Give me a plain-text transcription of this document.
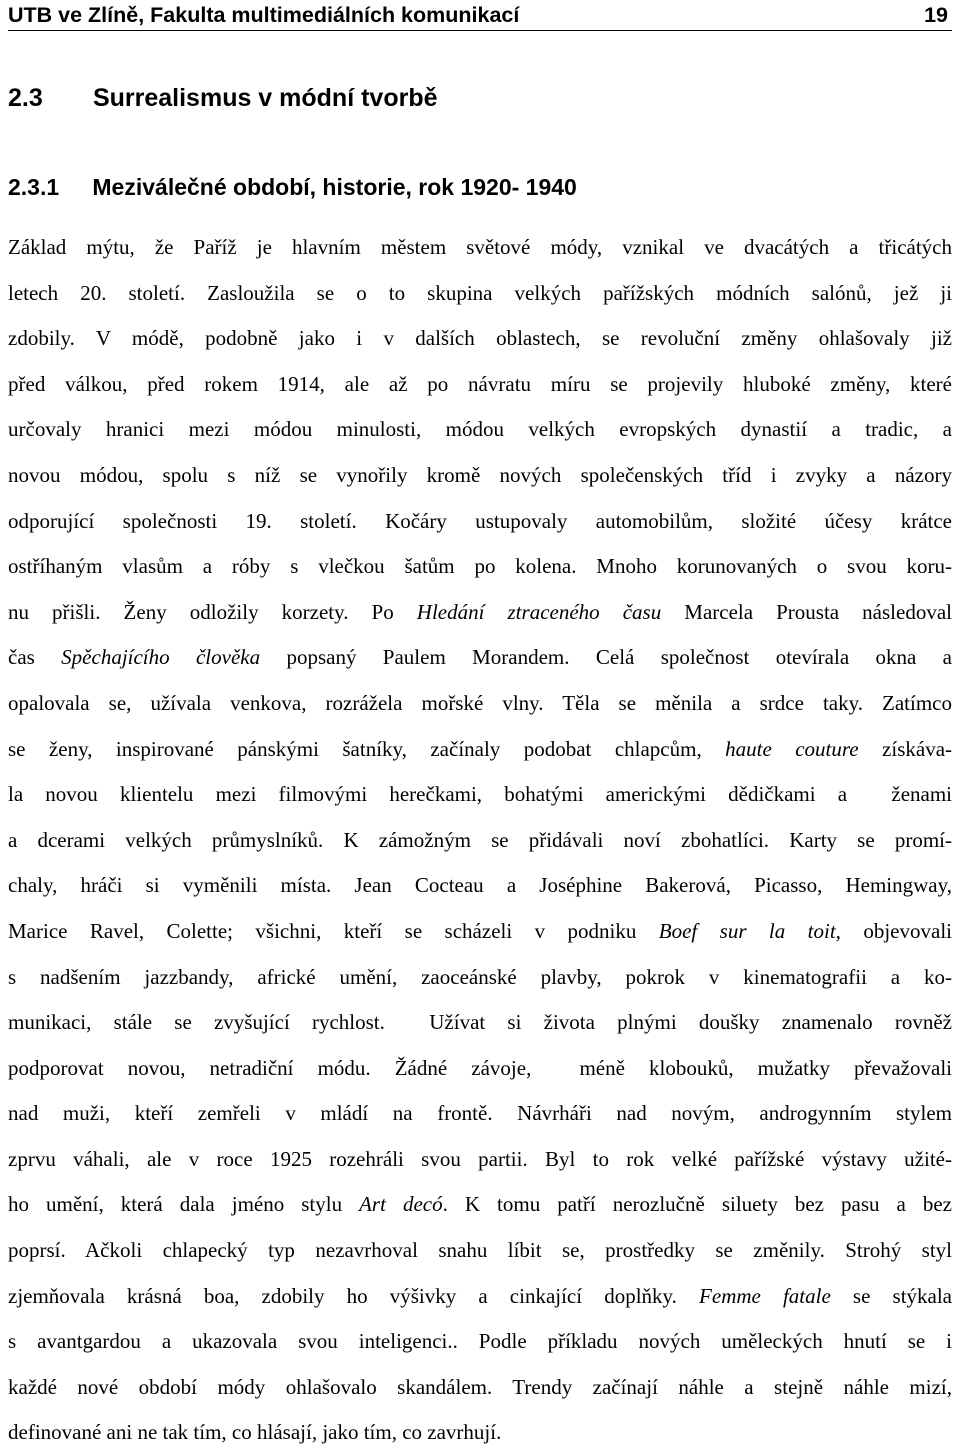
UTB ve Zlíně, Fakulta multimediálních komunikací	19
2.3 Surrealismus v módní tvorbě
2.3.1 Meziválečné období, historie, rok 1920- 1940
Základ mýtu, že Paříž je hlavním městem světové módy, vznikal ve dvacátých a třicátých
letech 20. století. Zasloužila se o to skupina velkých pařížských módních salónů, jež ji
zdobily. V módě, podobně jako i v dalších oblastech, se revoluční změny ohlašovaly již
před válkou, před rokem 1914, ale až po návratu míru se projevily hluboké změny, které
určovaly hranici mezi módou minulosti, módou velkých evropských dynastií a tradic, a
novou módou, spolu s níž se vynořily kromě nových společenských tříd i zvyky a názory
odporující společnosti 19. století. Kočáry ustupovaly automobilům, složité účesy krátce
ostříhaným vlasům a róby s vlečkou šatům po kolena. Mnoho korunovaných o svou koru-
nu přišli. Ženy odložily korzety. Po Hledání ztraceného času Marcela Prousta následoval
čas Spěchajícího člověka popsaný Paulem Morandem. Celá společnost otevírala okna a
opalovala se, užívala venkova, rozrážela mořské vlny. Těla se měnila a srdce taky. Zatímco
se ženy, inspirované pánskými šatníky, začínaly podobat chlapcům, haute couture získáva-
la novou klientelu mezi filmovými herečkami, bohatými americkými dědičkami a  ženami
a dcerami velkých průmyslníků. K zámožným se přidávali noví zbohatlíci. Karty se promí-
chaly, hráči si vyměnili místa. Jean Cocteau a Joséphine Bakerová, Picasso, Hemingway,
Marice Ravel, Colette; všichni, kteří se scházeli v podniku Boef sur la toit, objevovali
s nadšením jazzbandy, africké umění, zaoceánské plavby, pokrok v kinematografii a ko-
munikaci, stále se zvyšující rychlost.  Užívat si života plnými doušky znamenalo rovněž
podporovat novou, netradiční módu. Žádné závoje,  méně klobouků, mužatky převažovali
nad muži, kteří zemřeli v mládí na frontě. Návrháři nad novým, androgynním stylem
zprvu váhali, ale v roce 1925 rozehráli svou partii. Byl to rok velké pařížské výstavy užité-
ho umění, která dala jméno stylu Art decó. K tomu patří nerozlučně siluety bez pasu a bez
poprsí. Ačkoli chlapecký typ nezavrhoval snahu líbit se, prostředky se změnily. Strohý styl
zjemňovala krásná boa, zdobily ho výšivky a cinkající doplňky. Femme fatale se stýkala
s avantgardou a ukazovala svou inteligenci.. Podle příkladu nových uměleckých hnutí se i
každé nové období módy ohlašovalo skandálem. Trendy začínají náhle a stejně náhle mizí,
definované ani ne tak tím, co hlásají, jako tím, co zavrhují.
